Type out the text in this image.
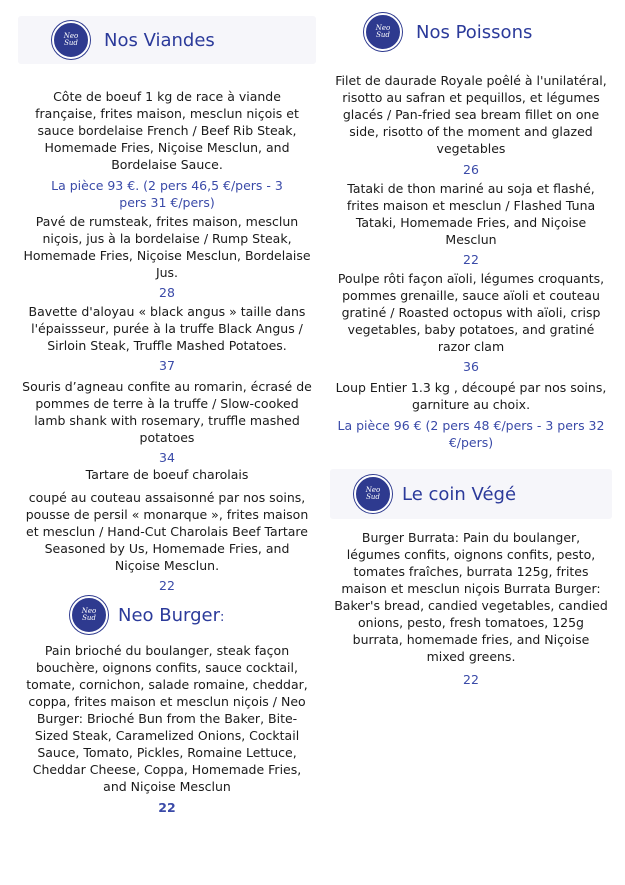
Neo
Sud Nos Viandes
Côte de boeuf 1 kg de race à viande française, frites maison, mesclun niçois et sauce bordelaise French / Beef Rib Steak, Homemade Fries, Niçoise Mesclun, and Bordelaise Sauce.
La pièce 93 €. (2 pers 46,5 €/pers - 3 pers 31 €/pers)
Pavé de rumsteak, frites maison, mesclun niçois, jus à la bordelaise / Rump Steak, Homemade Fries, Niçoise Mesclun, Bordelaise Jus.
28
Bavette d'aloyau « black angus » taille dans l'épaissseur, purée à la truffe Black Angus / Sirloin Steak, Truffle Mashed Potatoes.
37
Souris d’agneau confite au romarin, écrasé de pommes de terre à la truffe / Slow-cooked lamb shank with rosemary, truffle mashed potatoes
34
Tartare de boeuf charolais
coupé au couteau assaisonné par nos soins, pousse de persil « monarque », frites maison et mesclun / Hand-Cut Charolais Beef Tartare Seasoned by Us, Homemade Fries, and Niçoise Mesclun.
22
Neo
Sud Neo Burger:
Pain brioché du boulanger, steak façon bouchère, oignons confits, sauce cocktail, tomate, cornichon, salade romaine, cheddar, coppa, frites maison et mesclun niçois / Neo Burger: Brioché Bun from the Baker, Bite-Sized Steak, Caramelized Onions, Cocktail Sauce, Tomato, Pickles, Romaine Lettuce, Cheddar Cheese, Coppa, Homemade Fries, and Niçoise Mesclun
22
Neo
Sud Nos Poissons
Filet de daurade Royale poêlé à l'unilatéral, risotto au safran et pequillos, et légumes glacés / Pan-fried sea bream fillet on one side, risotto of the moment and glazed vegetables
26
Tataki de thon mariné au soja et flashé, frites maison et mesclun / Flashed Tuna Tataki, Homemade Fries, and Niçoise Mesclun
22
Poulpe rôti façon aïoli, légumes croquants, pommes grenaille, sauce aïoli et couteau gratiné / Roasted octopus with aïoli, crisp vegetables, baby potatoes, and gratiné razor clam
36
Loup Entier 1.3 kg , découpé par nos soins, garniture au choix.
La pièce 96 € (2 pers 48 €/pers - 3 pers 32 €/pers)
Neo
Sud Le coin Végé
Burger Burrata: Pain du boulanger, légumes confits, oignons confits, pesto, tomates fraîches, burrata 125g, frites maison et mesclun niçois Burrata Burger: Baker's bread, candied vegetables, candied onions, pesto, fresh tomatoes, 125g burrata, homemade fries, and Niçoise mixed greens.
22
